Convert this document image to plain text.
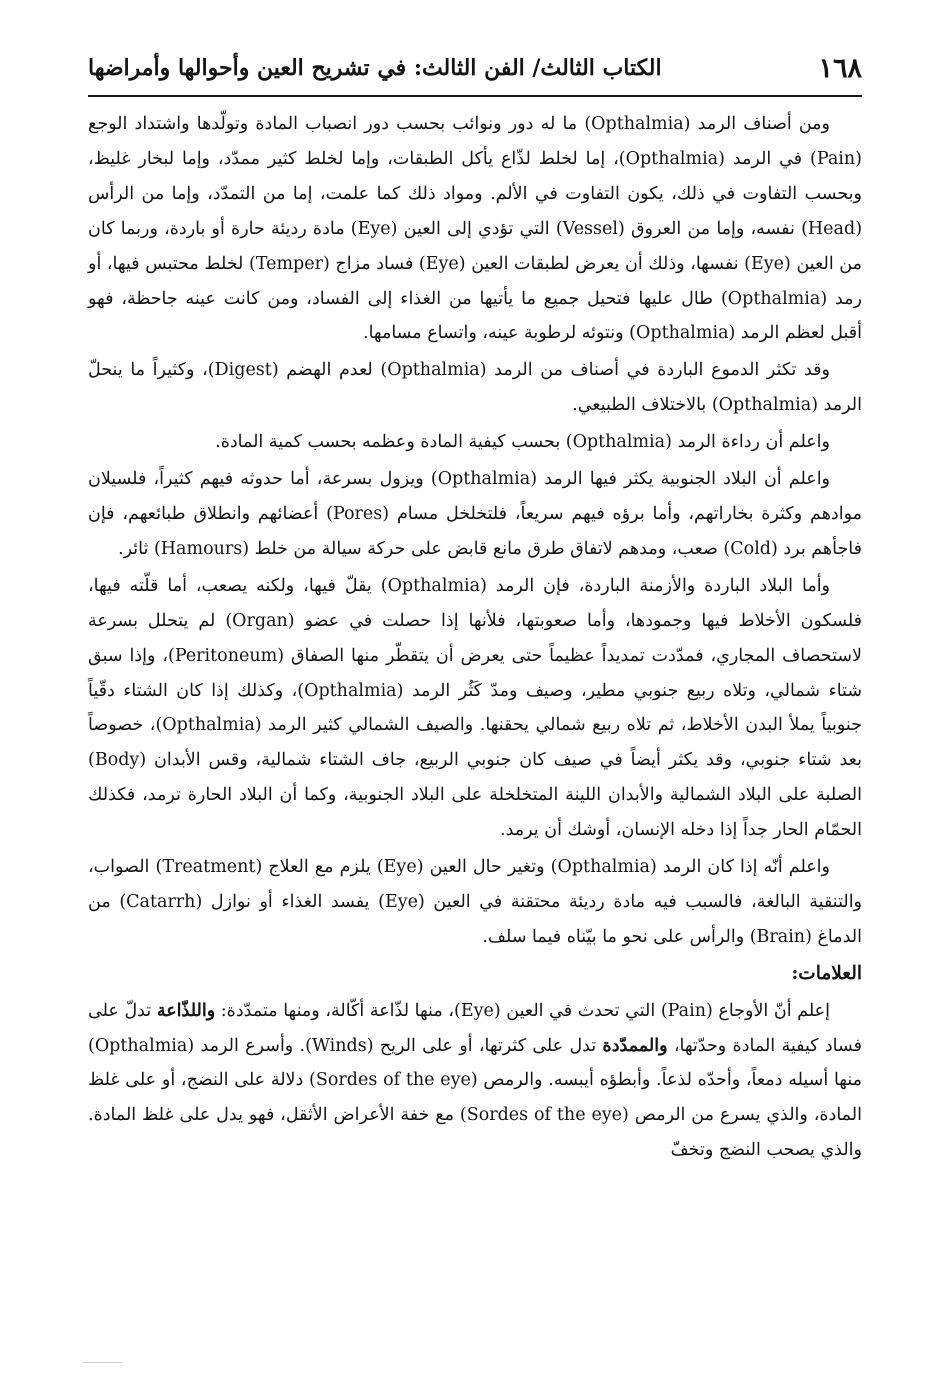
١٦٨
الكتاب الثالث/ الفن الثالث: في تشريح العين وأحوالها وأمراضها

ومن أصناف الرمد (Opthalmia) ما له دور ونوائب بحسب دور انصباب المادة وتولّدها واشتداد الوجع (Pain) في الرمد (Opthalmia)، إما لخلط لذّاع يأكل الطبقات، وإما لخلط كثير ممدّد، وإما لبخار غليظ، وبحسب التفاوت في ذلك، يكون التفاوت في الألم. ومواد ذلك كما علمت، إما من التمدّد، وإما من الرأس (Head) نفسه، وإما من العروق (Vessel) التي تؤدي إلى العين (Eye) مادة رديئة حارة أو باردة، وربما كان من العين (Eye) نفسها، وذلك أن يعرض لطبقات العين (Eye) فساد مزاج (Temper) لخلط محتبس فيها، أو رمد (Opthalmia) طال عليها فتحيل جميع ما يأتيها من الغذاء إلى الفساد، ومن كانت عينه جاحظة، فهو أقبل لعظم الرمد (Opthalmia) ونتوئه لرطوبة عينه، واتساع مسامها.

وقد تكثر الدموع الباردة في أصناف من الرمد (Opthalmia) لعدم الهضم (Digest)، وكثيراً ما ينحلّ الرمد (Opthalmia) بالاختلاف الطبيعي.

واعلم أن رداءة الرمد (Opthalmia) بحسب كيفية المادة وعظمه بحسب كمية المادة.

واعلم أن البلاد الجنوبية يكثر فيها الرمد (Opthalmia) ويزول بسرعة، أما حدوثه فيهم كثيراً، فلسيلان موادهم وكثرة بخاراتهم، وأما برؤه فيهم سريعاً، فلتخلخل مسام (Pores) أعضائهم وانطلاق طبائعهم، فإن فاجأهم برد (Cold) صعب، ومدهم لاتفاق طرق مانع قابض على حركة سيالة من خلط (Hamours) ثائر.

وأما البلاد الباردة والأزمنة الباردة، فإن الرمد (Opthalmia) يقلّ فيها، ولكنه يصعب، أما قلّته فيها، فلسكون الأخلاط فيها وجمودها، وأما صعوبتها، فلأنها إذا حصلت في عضو (Organ) لم يتحلل بسرعة لاستحصاف المجاري، فمدّدت تمديداً عظيماً حتى يعرض أن يتقطّر منها الصفاق (Peritoneum)، وإذا سبق شتاء شمالي، وتلاه ربيع جنوبي مطير، وصيف ومدّ كَثُر الرمد (Opthalmia)، وكذلك إذا كان الشتاء دقّياً جنوبياً يملأ البدن الأخلاط، ثم تلاه ربيع شمالي يحقنها. والصيف الشمالي كثير الرمد (Opthalmia)، خصوصاً بعد شتاء جنوبي، وقد يكثر أيضاً في صيف كان جنوبي الربيع، جاف الشتاء شمالية، وقس الأبدان (Body) الصلبة على البلاد الشمالية والأبدان اللينة المتخلخلة على البلاد الجنوبية، وكما أن البلاد الحارة ترمد، فكذلك الحمّام الحار جداً إذا دخله الإنسان، أوشك أن يرمد.

واعلم أنّه إذا كان الرمد (Opthalmia) وتغير حال العين (Eye) يلزم مع العلاج (Treatment) الصواب، والتنقية البالغة، فالسبب فيه مادة رديئة محتقنة في العين (Eye) يفسد الغذاء أو نوازل (Catarrh) من الدماغ (Brain) والرأس على نحو ما بيّناه فيما سلف.

العلامات:

إعلم أنّ الأوجاع (Pain) التي تحدث في العين (Eye)، منها لذّاعة أكّالة، ومنها متمدّدة: واللذّاعة تدلّ على فساد كيفية المادة وحدّتها، والممدّدة تدل على كثرتها، أو على الريح (Winds). وأسرع الرمد (Opthalmia) منها أسيله دمعاً، وأحدّه لذعاً. وأبطؤه أيبسه. والرمص (Sordes of the eye) دلالة على النضج، أو على غلظ المادة، والذي يسرع من الرمص (Sordes of the eye) مع خفة الأعراض الأثقل، فهو يدل على غلظ المادة. والذي يصحب النضج وتخفّ
